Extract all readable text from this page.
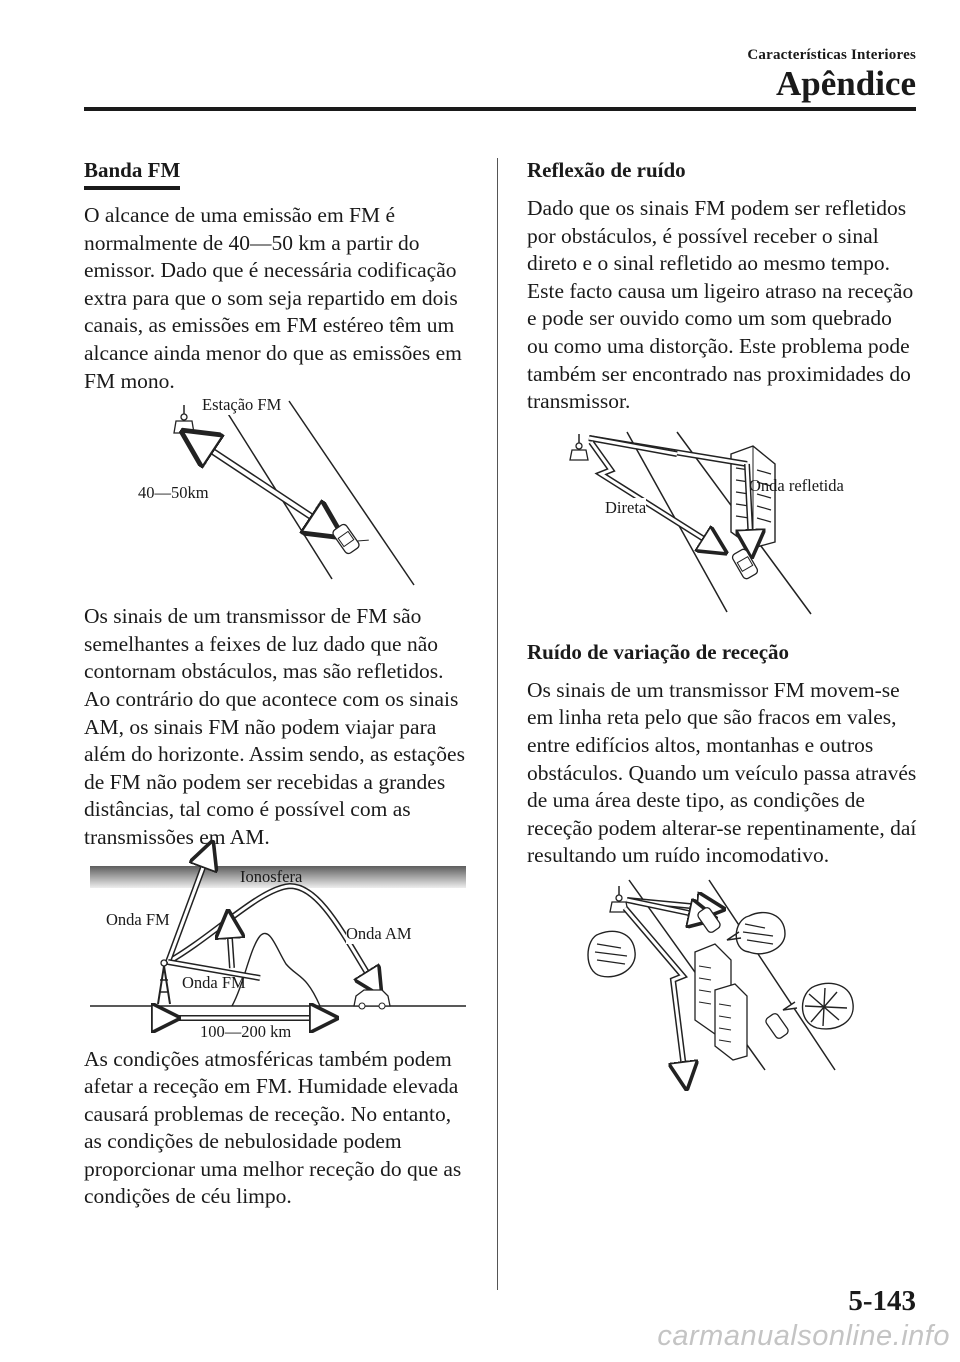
Características Interiores
Apêndice
Banda FM

O alcance de uma emissão em FM é normalmente de 40―50 km a partir do emissor. Dado que é necessária codificação extra para que o som seja repartido em dois canais, as emissões em FM estéreo têm um alcance ainda menor do que as emissões em FM mono.

Estação FM
40―50km

Os sinais de um transmissor de FM são semelhantes a feixes de luz dado que não contornam obstáculos, mas são refletidos. Ao contrário do que acontece com os sinais AM, os sinais FM não podem viajar para além do horizonte. Assim sendo, as estações de FM não podem ser recebidas a grandes distâncias, tal como é possível com as transmissões em AM.

Ionosfera
Onda FM
Onda AM
Onda FM
100―200 km

As condições atmosféricas também podem afetar a receção em FM. Humidade elevada causará problemas de receção. No entanto, as condições de nebulosidade podem proporcionar uma melhor receção do que as condições de céu limpo.

Reflexão de ruído

Dado que os sinais FM podem ser refletidos por obstáculos, é possível receber o sinal direto e o sinal refletido ao mesmo tempo. Este facto causa um ligeiro atraso na receção e pode ser ouvido como um som quebrado ou como uma distorção. Este problema pode também ser encontrado nas proximidades do transmissor.

Onda refletida
Direta
Ruído de variação de receção

Os sinais de um transmissor FM movem-se em linha reta pelo que são fracos em vales, entre edifícios altos, montanhas e outros obstáculos. Quando um veículo passa através de uma área deste tipo, as condições de receção podem alterar-se repentinamente, daí resultando um ruído incomodativo.

5-143
carmanualsonline.info
